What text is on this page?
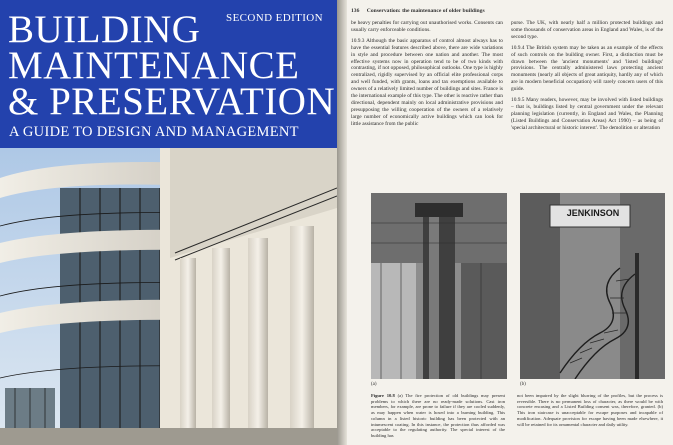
BUILDING
MAINTENANCE
& PRESERVATION
SECOND EDITION
A GUIDE TO DESIGN AND MANAGEMENT
136 Conservation: the maintenance of older buildings

be heavy penalties for carrying out unauthorised works. Consents can usually carry enforceable conditions.

10.9.3 Although the basic apparatus of control almost always has to have the essential features described above, there are wide variations in style and procedure between one nation and another. The most effective systems now in operation tend to be of two kinds with contrasting, if not opposed, philosophical outlooks. One type is highly centralized, rigidly supervised by an official elite professional corps and well funded, with grants, loans and tax exemptions available to owners of a relatively limited number of buildings and sites. France is the international example of this type. The other is reactive rather than directional, dependent mainly on local administrative provisions and presupposing the willing cooperation of the owners of a relatively large number of economically active buildings which can look for little assistance from the public

purse. The UK, with nearly half a million protected buildings and some thousands of conservation areas in England and Wales, is of the second type.

10.9.4 The British system may be taken as an example of the effects of such controls on the building owner. First, a distinction must be drawn between the 'ancient monuments' and 'listed buildings' provisions. The centrally administered laws protecting ancient monuments (nearly all objects of great antiquity, hardly any of which are in modern beneficial occupation) will rarely concern users of this guide.

10.9.5 Many readers, however, may be involved with listed buildings – that is, buildings listed by central government under the relevant planning legislation (currently, in England and Wales, the Planning (Listed Buildings and Conservation Areas) Act 1990) – as being of 'special architectural or historic interest'. The demolition or alteration

JENKINSON
(a)	(b)
Figure 10.8 (a) The fire protection of old buildings may present problems to which there are no ready-made solutions. Cast iron members, for example, are prone to failure if they are cooled suddenly, as may happen when water is hosed into a burning building. This column in a listed historic building has been protected with an intumescent coating. In this instance, the protection thus afforded was acceptable to the regulating authority. The special interest of the building has
not been impaired by the slight blurring of the profiles, but the process is reversible. There is no permanent loss of character, as there would be with concrete encasing and a Listed Building consent was, therefore, granted. (b) This iron staircase is unacceptable for escape purposes and incapable of modification. Adequate provision for escape having been made elsewhere, it will be retained for its ornamental character and daily utility.
